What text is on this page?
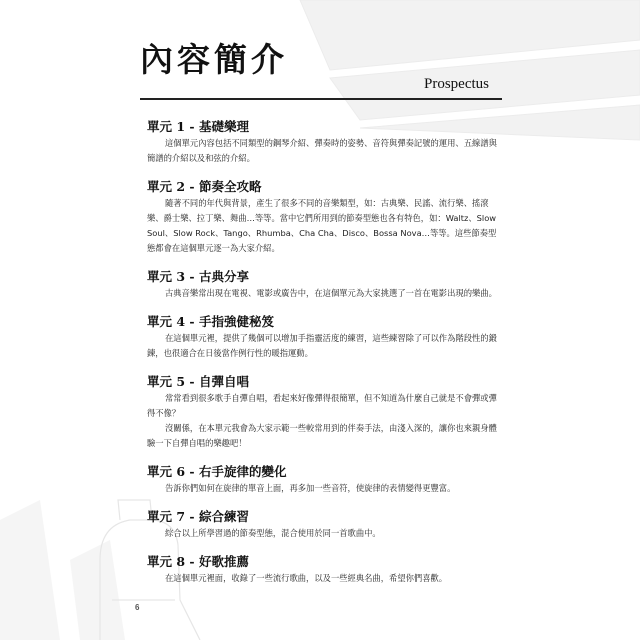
內容簡介
Prospectus
單元 1 - 基礎樂理

這個單元內容包括不同類型的鋼琴介紹、彈奏時的姿勢、音符與彈奏記號的運用、五線譜與簡譜的介紹以及和弦的介紹。

單元 2 - 節奏全攻略

隨著不同的年代與背景，產生了很多不同的音樂類型，如：古典樂、民謠、流行樂、搖滾樂、爵士樂、拉丁樂、舞曲…等等。當中它們所用到的節奏型態也各有特色，如：Waltz、Slow Soul、Slow Rock、Tango、Rhumba、Cha Cha、Disco、Bossa Nova…等等。這些節奏型態都會在這個單元逐一為大家介紹。

單元 3 - 古典分享

古典音樂常出現在電視、電影或廣告中，在這個單元為大家挑選了一首在電影出現的樂曲。

單元 4 - 手指強健秘笈

在這個單元裡，提供了幾個可以增加手指靈活度的練習，這些練習除了可以作為階段性的鍛鍊，也很適合在日後當作例行性的暖指運動。

單元 5 - 自彈自唱

常常看到很多歌手自彈自唱，看起來好像彈得很簡單，但不知道為什麼自己就是不會彈或彈得不像？

沒關係，在本單元我會為大家示範一些較常用到的伴奏手法，由淺入深的，讓你也來親身體驗一下自彈自唱的樂趣吧！

單元 6 - 右手旋律的變化

告訴你們如何在旋律的單音上面，再多加一些音符，使旋律的表情變得更豐富。

單元 7 - 綜合練習

綜合以上所學習過的節奏型態，混合使用於同一首歌曲中。

單元 8 - 好歌推薦

在這個單元裡面，收錄了一些流行歌曲，以及一些經典名曲，希望你們喜歡。

6
